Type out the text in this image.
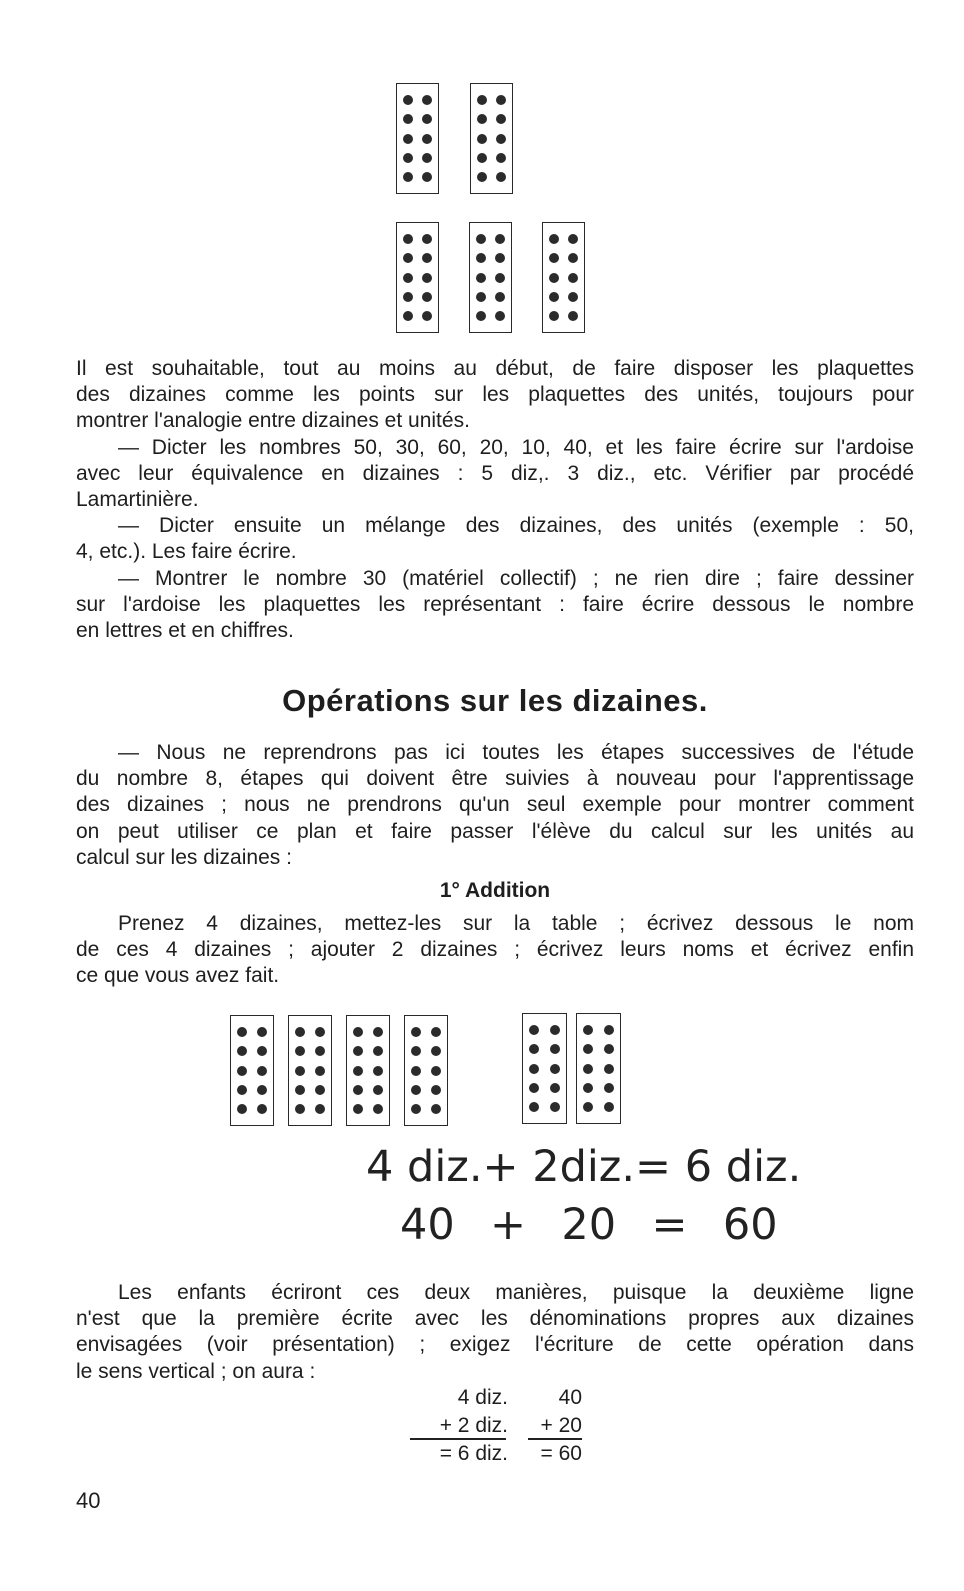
Il est souhaitable, tout au moins au début, de faire disposer les plaquettes
des dizaines comme les points sur les plaquettes des unités, toujours pour
montrer l'analogie entre dizaines et unités.
— Dicter les nombres 50, 30, 60, 20, 10, 40, et les faire écrire sur l'ardoise
avec leur équivalence en dizaines : 5 diz,. 3 diz., etc. Vérifier par procédé
Lamartinière.
— Dicter ensuite un mélange des dizaines, des unités (exemple : 50,
4, etc.). Les faire écrire.
— Montrer le nombre 30 (matériel collectif) ; ne rien dire ; faire dessiner
sur l'ardoise les plaquettes les représentant : faire écrire dessous le nombre
en lettres et en chiffres.
Opérations sur les dizaines.
— Nous ne reprendrons pas ici toutes les étapes successives de l'étude
du nombre 8, étapes qui doivent être suivies à nouveau pour l'apprentissage
des dizaines ; nous ne prendrons qu'un seul exemple pour montrer comment
on peut utiliser ce plan et faire passer l'élève du calcul sur les unités au
calcul sur les dizaines :
1° Addition
Prenez 4 dizaines, mettez-les sur la table ; écrivez dessous le nom
de ces 4 dizaines ; ajouter 2 dizaines ; écrivez leurs noms et écrivez enfin
ce que vous avez fait.
4 diz.+ 2diz.= 6 diz.
40  +  20  =  60
Les enfants écriront ces deux manières, puisque la deuxième ligne
n'est que la première écrite avec les dénominations propres aux dizaines
envisagées (voir présentation) ; exigez l'écriture de cette opération dans
le sens vertical ; on aura :
4 diz.
+ 2 diz.
= 6 diz.
40
+ 20
= 60
40
